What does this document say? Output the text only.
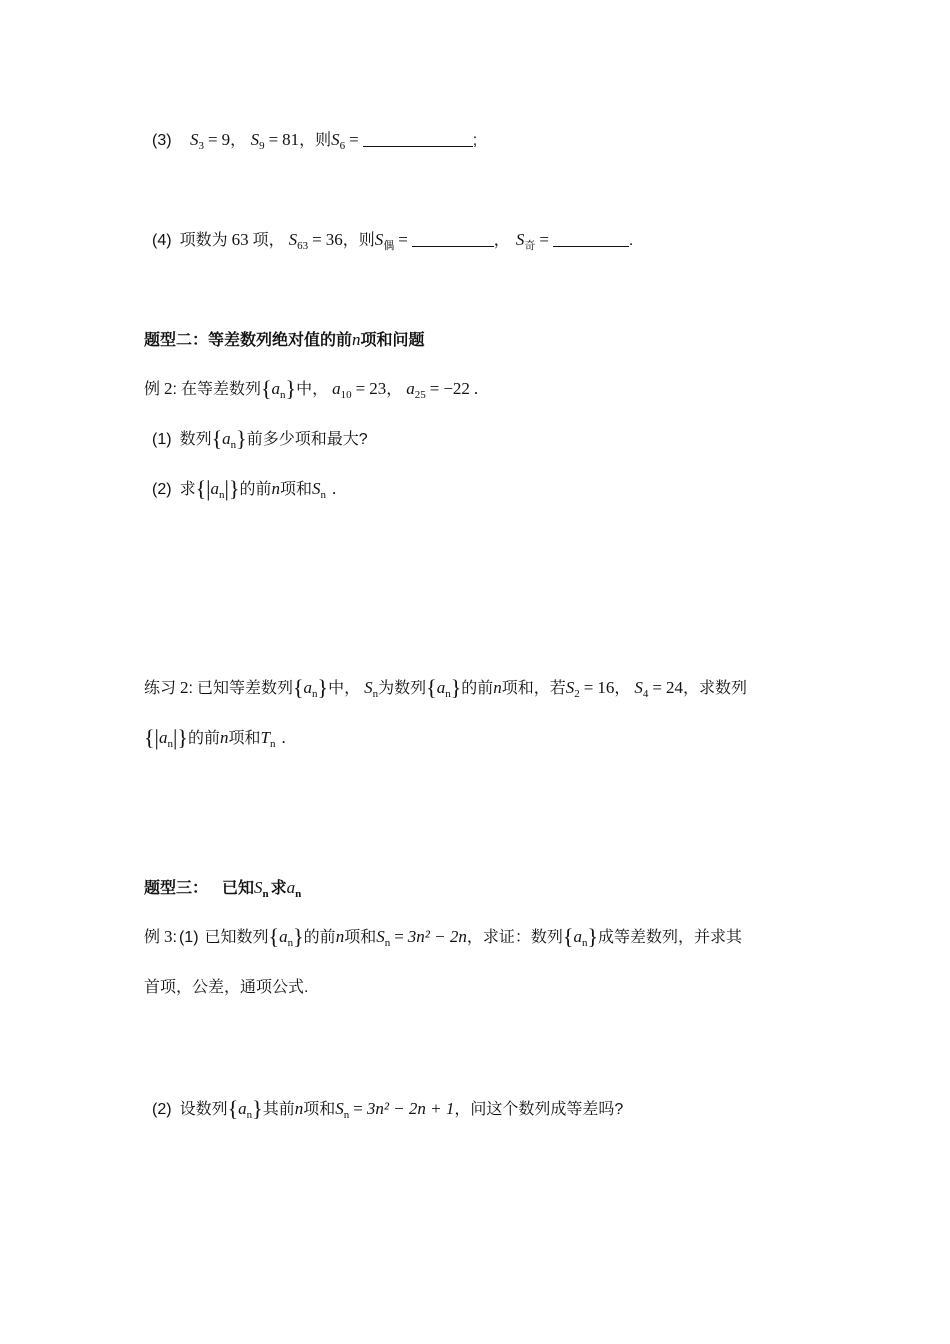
(3) $S_3 = 9$， $S_9 = 81$，则$S_6$ =	;
(4) 项数为 63 项， $S_{63} = 36$，则$S_偶$ =	， $S_奇$ =	.
题型二：等差数列绝对值的前n项和问题
例 2: 在等差数列$\{a_n\}$中， $a_{10} = 23$， $a_{25} = -22$ .
(1) 数列$\{a_n\}$前多少项和最大?
(2) 求$\{|a_n|\}$的前n项和$S_n$ .
练习 2: 已知等差数列$\{a_n\}$中， $S_n$为数列$\{a_n\}$的前n项和，若$S_2 = 16$， $S_4 = 24$，求数列
$\{|a_n|\}$的前n项和$T_n$ .
题型三： 已知$S_n$ 求$a_n$
例 3: (1) 已知数列$\{a_n\}$的前n项和$S_n = 3n^2 - 2n$，求证：数列$\{a_n\}$成等差数列，并求其
首项，公差，通项公式.
(2) 设数列$\{a_n\}$其前n项和$S_n = 3n^2 - 2n + 1$，问这个数列成等差吗?
